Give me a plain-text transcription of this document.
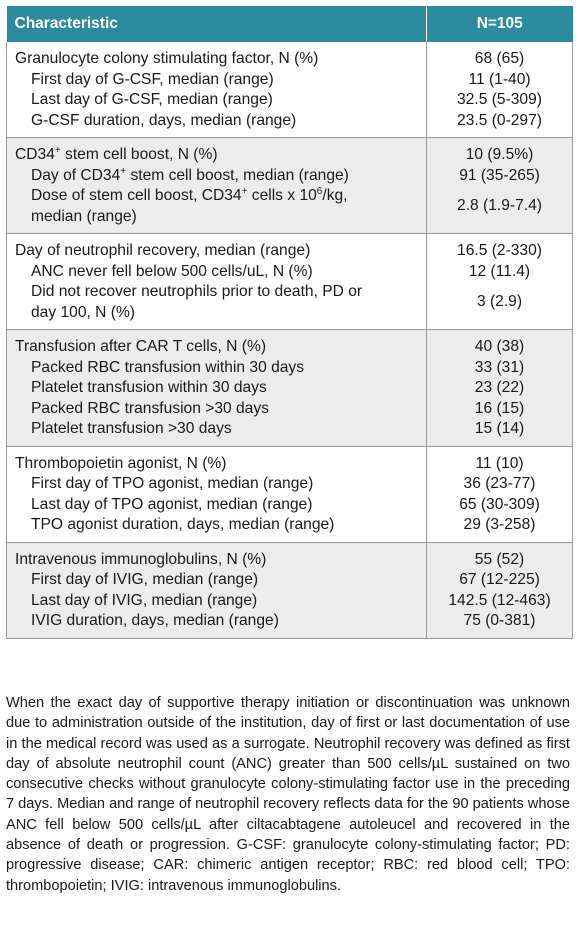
Characteristic	N=105
Granulocyte colony stimulating factor, N (%)	68 (65)
First day of G-CSF, median (range)	11 (1-40)
Last day of G-CSF, median (range)	32.5 (5-309)
G-CSF duration, days, median (range)	23.5 (0-297)
CD34+ stem cell boost, N (%)	10 (9.5%)
Day of CD34+ stem cell boost, median (range)	91 (35-265)
Dose of stem cell boost, CD34+ cells x $10^6/kg$,
median (range)	2.8 (1.9-7.4)
Day of neutrophil recovery, median (range)	16.5 (2-330)
ANC never fell below 500 cells/uL, N (%)	12 (11.4)
Did not recover neutrophils prior to death, PD or
day 100, N (%)	3 (2.9)
Transfusion after CAR T cells, N (%)	40 (38)
Packed RBC transfusion within 30 days	33 (31)
Platelet transfusion within 30 days	23 (22)
Packed RBC transfusion >30 days	16 (15)
Platelet transfusion >30 days	15 (14)
Thrombopoietin agonist, N (%)	11 (10)
First day of TPO agonist, median (range)	36 (23-77)
Last day of TPO agonist, median (range)	65 (30-309)
TPO agonist duration, days, median (range)	29 (3-258)
Intravenous immunoglobulins, N (%)	55 (52)
First day of IVIG, median (range)	67 (12-225)
Last day of IVIG, median (range)	142.5 (12-463)
IVIG duration, days, median (range)	75 (0-381)

When the exact day of supportive therapy initiation or discontinuation was unknown due to administration outside of the institution, day of first or last documentation of use in the medical record was used as a surrogate. Neutrophil recovery was defined as first day of absolute neutrophil count (ANC) greater than 500 cells/µL sustained on two consecutive checks without granulocyte colony-stimulating factor use in the preceding 7 days. Median and range of neutrophil recovery reflects data for the 90 patients whose ANC fell below 500 cells/µL after ciltacabtagene autoleucel and recovered in the absence of death or progression. G-CSF: granulocyte colony-stimulating factor; PD: progressive disease; CAR: chimeric antigen receptor; RBC: red blood cell; TPO: thrombopoietin; IVIG: intravenous immunoglobulins.
